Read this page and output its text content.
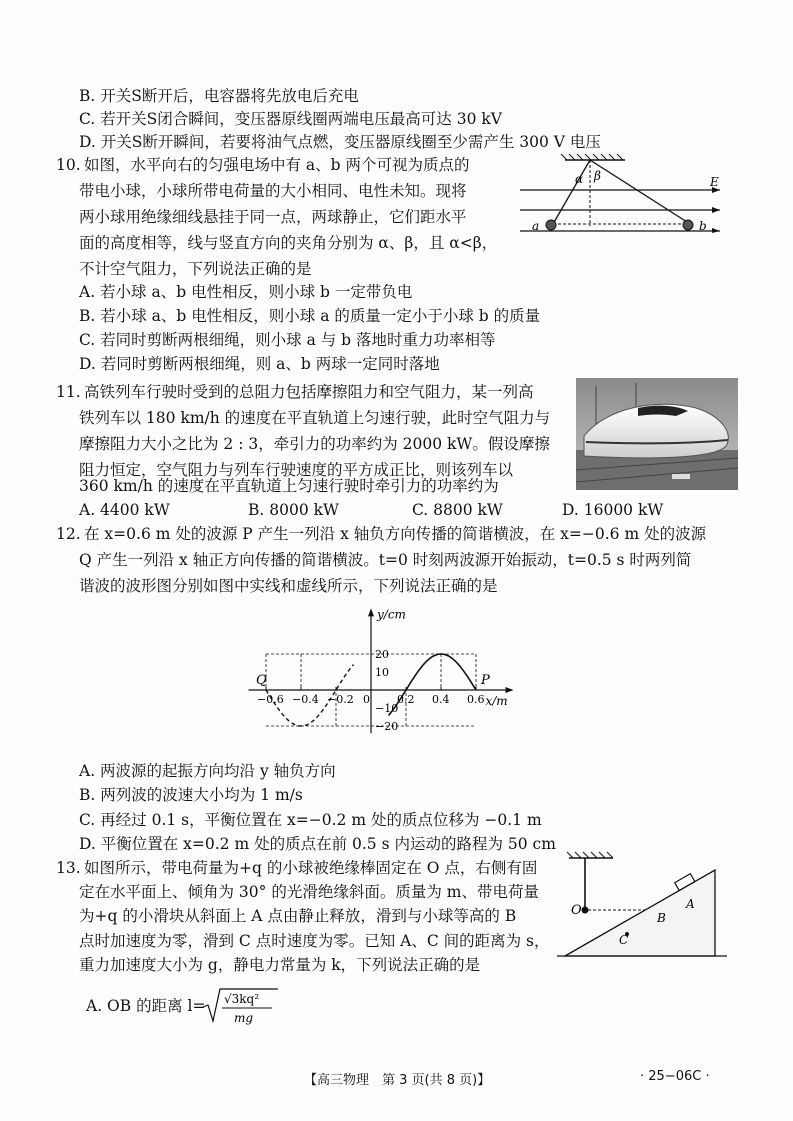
B. 开关S断开后，电容器将先放电后充电
C. 若开关S闭合瞬间，变压器原线圈两端电压最高可达 30 kV
D. 开关S断开瞬间，若要将油气点燃，变压器原线圈至少需产生 300 V 电压
10. 如图，水平向右的匀强电场中有 a、b 两个可视为质点的
带电小球，小球所带电荷量的大小相同、电性未知。现将
两小球用绝缘细线悬挂于同一点，两球静止，它们距水平
面的高度相等，线与竖直方向的夹角分别为 α、β，且 α<β，
不计空气阻力，下列说法正确的是
A. 若小球 a、b 电性相反，则小球 b 一定带负电
B. 若小球 a、b 电性相反，则小球 a 的质量一定小于小球 b 的质量
C. 若同时剪断两根细绳，则小球 a 与 b 落地时重力功率相等
D. 若同时剪断两根细绳，则 a、b 两球一定同时落地
α β	E
a	b
11. 高铁列车行驶时受到的总阻力包括摩擦阻力和空气阻力，某一列高
铁列车以 180 km/h 的速度在平直轨道上匀速行驶，此时空气阻力与
摩擦阻力大小之比为 2 : 3，牵引力的功率约为 2000 kW。假设摩擦
阻力恒定，空气阻力与列车行驶速度的平方成正比，则该列车以
360 km/h 的速度在平直轨道上匀速行驶时牵引力的功率约为
A. 4400 kW	B. 8000 kW	C. 8800 kW	D. 16000 kW
12. 在 x=0.6 m 处的波源 P 产生一列沿 x 轴负方向传播的简谐横波，在 x=−0.6 m 处的波源
Q 产生一列沿 x 轴正方向传播的简谐横波。t=0 时刻两波源开始振动，t=0.5 s 时两列简
谐波的波形图分别如图中实线和虚线所示，下列说法正确的是
−0.6 −0.4 −0.2 0 0.2 0.4 0.6
20
10
−10
−20
y/cm
x/m
Q	P
A. 两波源的起振方向均沿 y 轴负方向
B. 两列波的波速大小均为 1 m/s
C. 再经过 0.1 s，平衡位置在 x=−0.2 m 处的质点位移为 −0.1 m
D. 平衡位置在 x=0.2 m 处的质点在前 0.5 s 内运动的路程为 50 cm
13. 如图所示，带电荷量为+q 的小球被绝缘棒固定在 O 点，右侧有固
定在水平面上、倾角为 30° 的光滑绝缘斜面。质量为 m、带电荷量
为+q 的小滑块从斜面上 A 点由静止释放，滑到与小球等高的 B
点时加速度为零，滑到 C 点时速度为零。已知 A、C 间的距离为 s，
重力加速度大小为 g，静电力常量为 k，下列说法正确的是
A. OB 的距离 l= √3kq²
mg
O	A
B
C
【高三物理　第 3 页(共 8 页)】	· 25−06C ·
